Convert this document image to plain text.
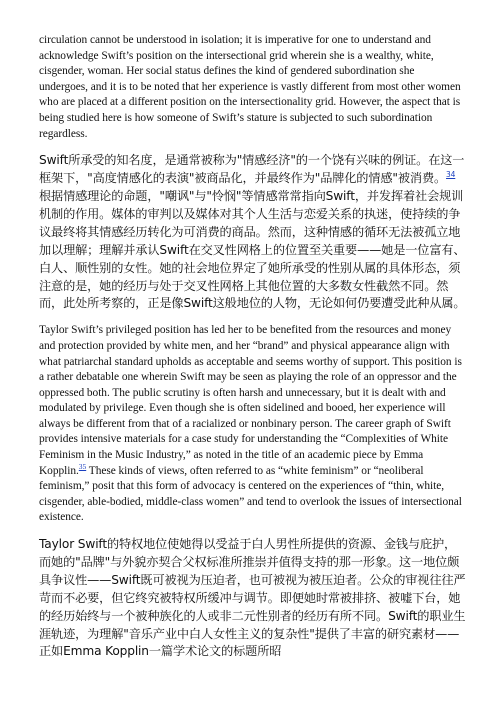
circulation cannot be understood in isolation; it is imperative for one to understand and acknowledge Swift’s position on the intersectional grid wherein she is a wealthy, white, cisgender, woman. Her social status defines the kind of gendered subordination she undergoes, and it is to be noted that her experience is vastly different from most other women who are placed at a different position on the intersectionality grid. However, the aspect that is being studied here is how someone of Swift’s stature is subjected to such subordination regardless.

Swift所承受的知名度，是通常被称为"情感经济"的一个饶有兴味的例证。在这一框架下，"高度情感化的表演"被商品化，并最终作为"品牌化的情感"被消费。$^{34}$ 根据情感理论的命题，"嘲讽"与"怜悯"等情感常常指向Swift，并发挥着社会规训机制的作用。媒体的审判以及媒体对其个人生活与恋爱关系的执迷，使持续的争议最终将其情感经历转化为可消费的商品。然而，这种情感的循环无法被孤立地加以理解；理解并承认Swift在交叉性网格上的位置至关重要——她是一位富有、白人、顺性别的女性。她的社会地位界定了她所承受的性别从属的具体形态，须注意的是，她的经历与处于交叉性网格上其他位置的大多数女性截然不同。然而，此处所考察的，正是像Swift这般地位的人物，无论如何仍要遭受此种从属。

Taylor Swift’s privileged position has led her to be benefited from the resources and money and protection provided by white men, and her “brand” and physical appearance align with what patriarchal standard upholds as acceptable and seems worthy of support. This position is a rather debatable one wherein Swift may be seen as playing the role of an oppressor and the oppressed both. The public scrutiny is often harsh and unnecessary, but it is dealt with and modulated by privilege. Even though she is often sidelined and booed, her experience will always be different from that of a racialized or nonbinary person. The career graph of Swift provides intensive materials for a case study for understanding the “Complexities of White Feminism in the Music Industry,” as noted in the title of an academic piece by Emma Kopplin.$^{35}$ These kinds of views, often referred to as “white feminism” or “neoliberal feminism,” posit that this form of advocacy is centered on the experiences of “thin, white, cisgender, able-bodied, middle-class women” and tend to overlook the issues of intersectional existence.

Taylor Swift的特权地位使她得以受益于白人男性所提供的资源、金钱与庇护，而她的"品牌"与外貌亦契合父权标准所推崇并值得支持的那一形象。这一地位颇具争议性——Swift既可被视为压迫者，也可被视为被压迫者。公众的审视往往严苛而不必要，但它终究被特权所缓冲与调节。即便她时常被排挤、被嘘下台，她的经历始终与一个被种族化的人或非二元性别者的经历有所不同。Swift的职业生涯轨迹，为理解"音乐产业中白人女性主义的复杂性"提供了丰富的研究素材——正如Emma Kopplin一篇学术论文的标题所昭
